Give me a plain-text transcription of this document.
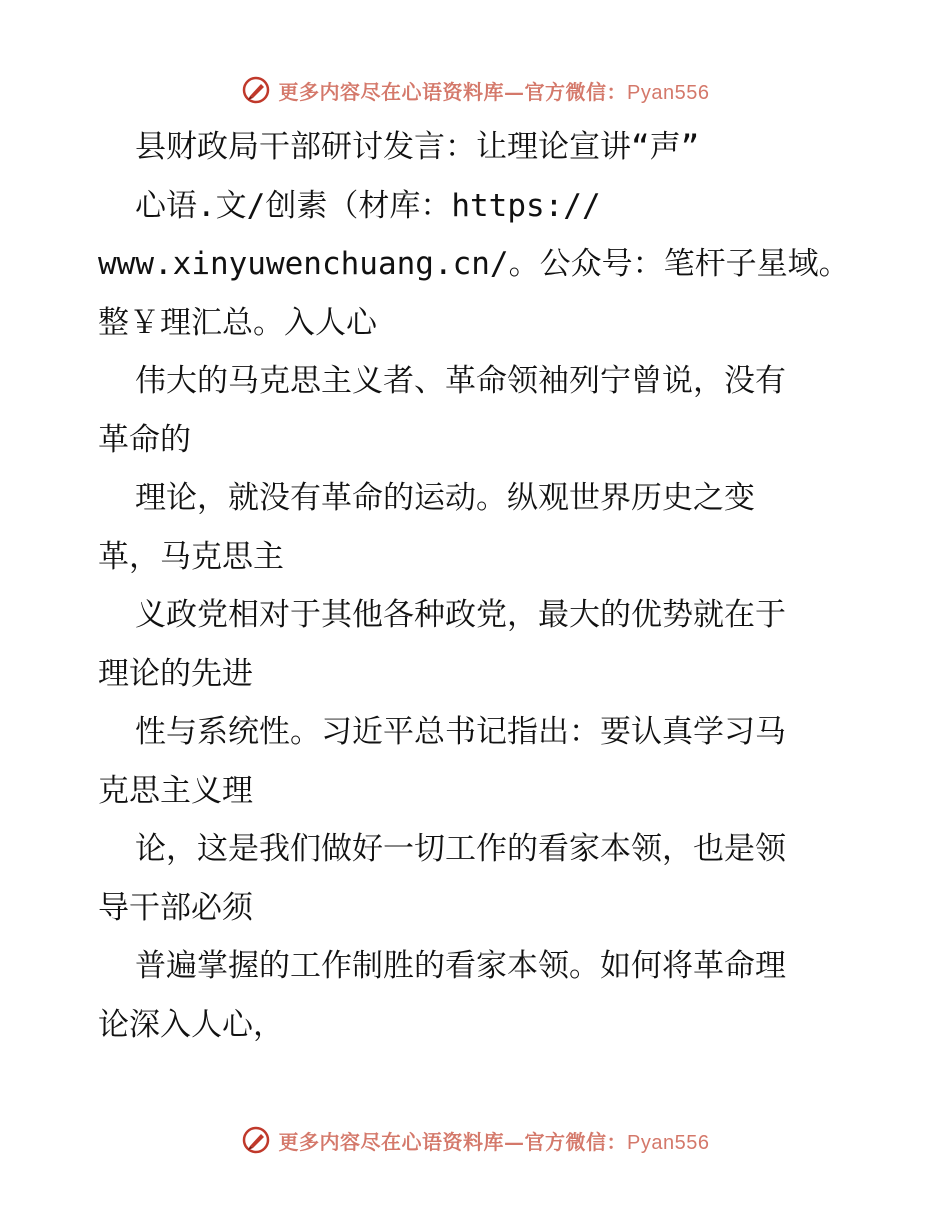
更多内容尽在心语资料库—官方微信：Pyan556
县财政局干部研讨发言：让理论宣讲“声”
心语.文/创素（材库：https://
www.xinyuwenchuang.cn/。公众号：笔杆子星域。
整￥理汇总。入人心
伟大的马克思主义者、革命领袖列宁曾说，没有
革命的
理论，就没有革命的运动。纵观世界历史之变
革，马克思主
义政党相对于其他各种政党，最大的优势就在于
理论的先进
性与系统性。习近平总书记指出：要认真学习马
克思主义理
论，这是我们做好一切工作的看家本领，也是领
导干部必须
普遍掌握的工作制胜的看家本领。如何将革命理
论深入人心，
更多内容尽在心语资料库—官方微信：Pyan556
